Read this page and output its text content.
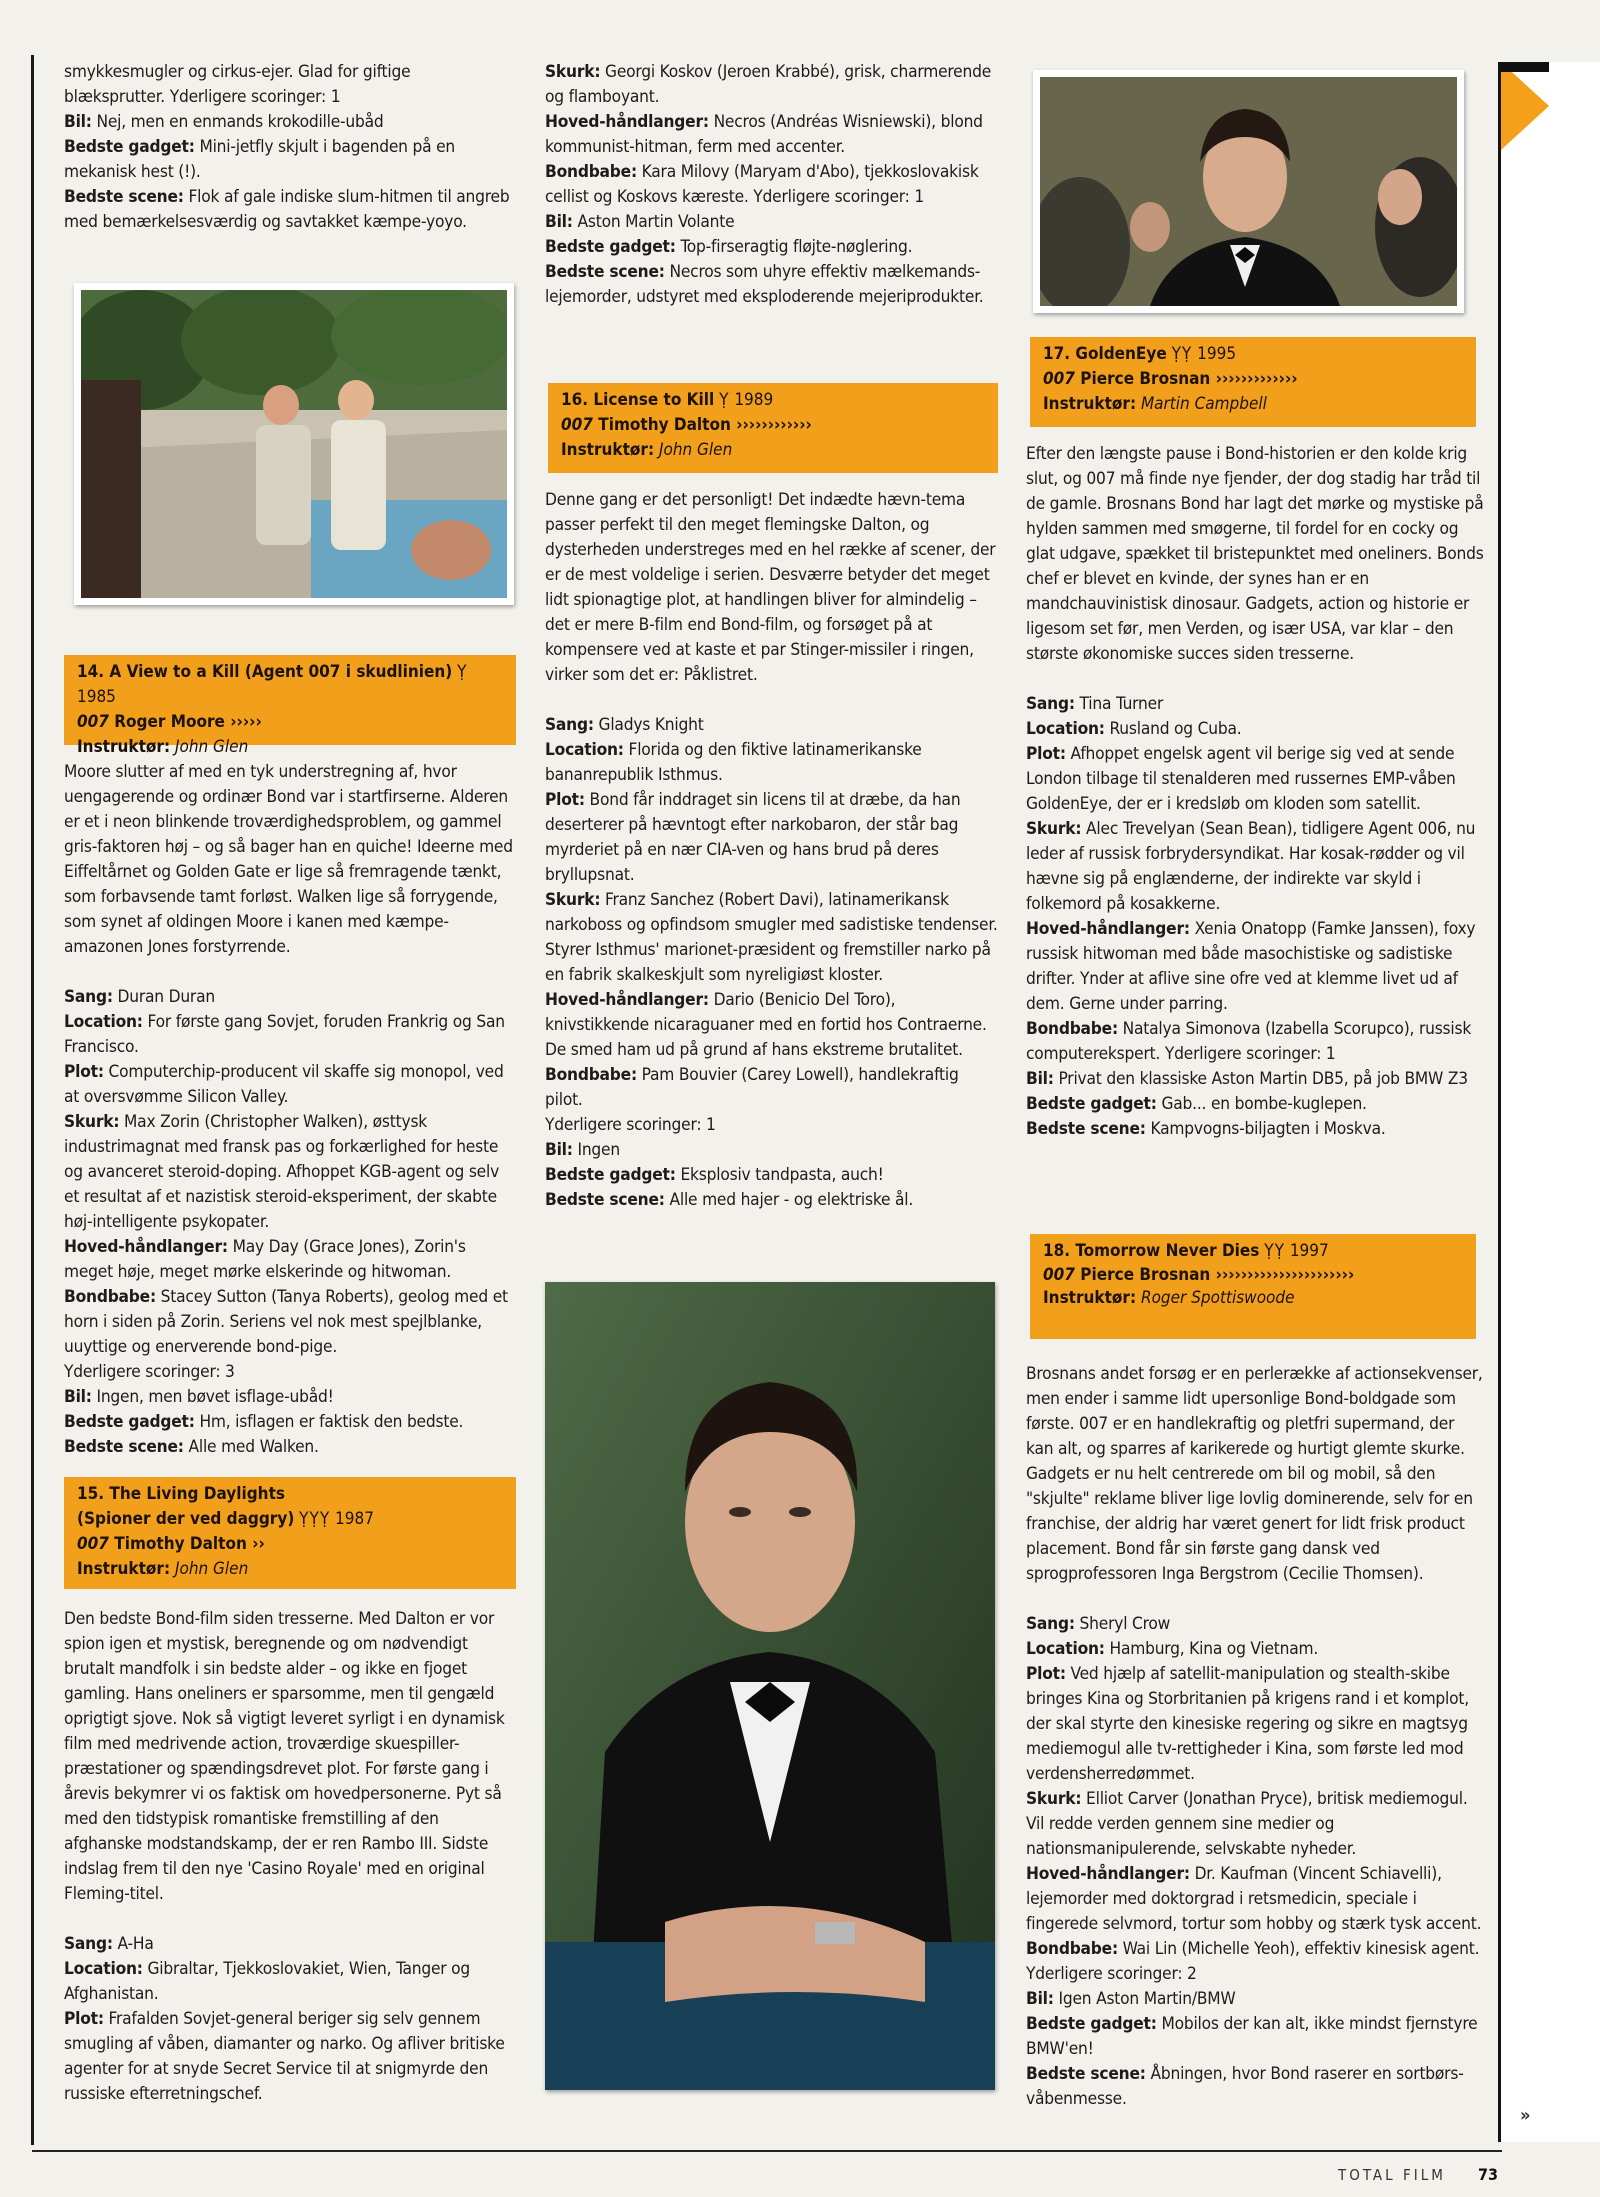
smykkesmugler og cirkus-ejer. Glad for giftige blæksprutter. Yderligere scoringer: 1

Bil: Nej, men en enmands krokodille-ubåd

Bedste gadget: Mini-jetfly skjult i bagenden på en mekanisk hest (!).

Bedste scene: Flok af gale indiske slum-hitmen til angreb med bemærkelsesværdig og savtakket kæmpe-yoyo.

14. A View to a Kill (Agent 007 i skudlinien) Ỵ 1985
007 Roger Moore ›››››
Instruktør: John Glen

Moore slutter af med en tyk understregning af, hvor uengagerende og ordinær Bond var i startfirserne. Alderen er et i neon blinkende troværdighedsproblem, og gammel gris-faktoren høj – og så bager han en quiche! Ideerne med Eiffeltårnet og Golden Gate er lige så fremragende tænkt, som forbavsende tamt forløst. Walken lige så forrygende, som synet af oldingen Moore i kanen med kæmpe-amazonen Jones forstyrrende.

Sang: Duran Duran

Location: For første gang Sovjet, foruden Frankrig og San Francisco.

Plot: Computerchip-producent vil skaffe sig monopol, ved at oversvømme Silicon Valley.

Skurk: Max Zorin (Christopher Walken), østtysk industrimagnat med fransk pas og forkærlighed for heste og avanceret steroid-doping. Afhoppet KGB-agent og selv et resultat af et nazistisk steroid-eksperiment, der skabte høj-intelligente psykopater.

Hoved-håndlanger: May Day (Grace Jones), Zorin's meget høje, meget mørke elskerinde og hitwoman.

Bondbabe: Stacey Sutton (Tanya Roberts), geolog med et horn i siden på Zorin. Seriens vel nok mest spejlblanke, uuyttige og enerverende bond-pige.

Yderligere scoringer: 3

Bil: Ingen, men bøvet isflage-ubåd!

Bedste gadget: Hm, isflagen er faktisk den bedste.

Bedste scene: Alle med Walken.

15. The Living Daylights
(Spioner der ved daggry) ỴỴỴ 1987
007 Timothy Dalton ››
Instruktør: John Glen

Den bedste Bond-film siden tresserne. Med Dalton er vor spion igen et mystisk, beregnende og om nødvendigt brutalt mandfolk i sin bedste alder – og ikke en fjoget gamling. Hans oneliners er sparsomme, men til gengæld oprigtigt sjove. Nok så vigtigt leveret syrligt i en dynamisk film med medrivende action, troværdige skuespiller-præstationer og spændingsdrevet plot. For første gang i årevis bekymrer vi os faktisk om hovedpersonerne. Pyt så med den tidstypisk romantiske fremstilling af den afghanske modstandskamp, der er ren Rambo III. Sidste indslag frem til den nye 'Casino Royale' med en original Fleming-titel.

Sang: A-Ha

Location: Gibraltar, Tjekkoslovakiet, Wien, Tanger og Afghanistan.

Plot: Frafalden Sovjet-general beriger sig selv gennem smugling af våben, diamanter og narko. Og afliver britiske agenter for at snyde Secret Service til at snigmyrde den russiske efterretningschef.

Skurk: Georgi Koskov (Jeroen Krabbé), grisk, charmerende og flamboyant.

Hoved-håndlanger: Necros (Andréas Wisniewski), blond kommunist-hitman, ferm med accenter.

Bondbabe: Kara Milovy (Maryam d'Abo), tjekkoslovakisk cellist og Koskovs kæreste. Yderligere scoringer: 1

Bil: Aston Martin Volante

Bedste gadget: Top-firseragtig fløjte-nøglering.

Bedste scene: Necros som uhyre effektiv mælkemands-lejemorder, udstyret med eksploderende mejeriprodukter.

16. License to Kill Ỵ 1989
007 Timothy Dalton ››››››››››››
Instruktør: John Glen

Denne gang er det personligt! Det indædte hævn-tema passer perfekt til den meget flemingske Dalton, og dysterheden understreges med en hel række af scener, der er de mest voldelige i serien. Desværre betyder det meget lidt spionagtige plot, at handlingen bliver for almindelig – det er mere B-film end Bond-film, og forsøget på at kompensere ved at kaste et par Stinger-missiler i ringen, virker som det er: Påklistret.

Sang: Gladys Knight

Location: Florida og den fiktive latinamerikanske bananrepublik Isthmus.

Plot: Bond får inddraget sin licens til at dræbe, da han deserterer på hævntogt efter narkobaron, der står bag myrderiet på en nær CIA-ven og hans brud på deres bryllupsnat.

Skurk: Franz Sanchez (Robert Davi), latinamerikansk narkoboss og opfindsom smugler med sadistiske tendenser. Styrer Isthmus' marionet-præsident og fremstiller narko på en fabrik skalkeskjult som nyreligiøst kloster.

Hoved-håndlanger: Dario (Benicio Del Toro), knivstikkende nicaraguaner med en fortid hos Contraerne. De smed ham ud på grund af hans ekstreme brutalitet.

Bondbabe: Pam Bouvier (Carey Lowell), handlekraftig pilot.

Yderligere scoringer: 1

Bil: Ingen

Bedste gadget: Eksplosiv tandpasta, auch!

Bedste scene: Alle med hajer - og elektriske ål.

17. GoldenEye ỴỴ 1995
007 Pierce Brosnan ›››››››››››››
Instruktør: Martin Campbell

Efter den længste pause i Bond-historien er den kolde krig slut, og 007 må finde nye fjender, der dog stadig har tråd til de gamle. Brosnans Bond har lagt det mørke og mystiske på hylden sammen med smøgerne, til fordel for en cocky og glat udgave, spækket til bristepunktet med oneliners. Bonds chef er blevet en kvinde, der synes han er en mandchauvinistisk dinosaur. Gadgets, action og historie er ligesom set før, men Verden, og især USA, var klar – den største økonomiske succes siden tresserne.

Sang: Tina Turner

Location: Rusland og Cuba.

Plot: Afhoppet engelsk agent vil berige sig ved at sende London tilbage til stenalderen med russernes EMP-våben GoldenEye, der er i kredsløb om kloden som satellit.

Skurk: Alec Trevelyan (Sean Bean), tidligere Agent 006, nu leder af russisk forbrydersyndikat. Har kosak-rødder og vil hævne sig på englænderne, der indirekte var skyld i folkemord på kosakkerne.

Hoved-håndlanger: Xenia Onatopp (Famke Janssen), foxy russisk hitwoman med både masochistiske og sadistiske drifter. Ynder at aflive sine ofre ved at klemme livet ud af dem. Gerne under parring.

Bondbabe: Natalya Simonova (Izabella Scorupco), russisk computerekspert. Yderligere scoringer: 1

Bil: Privat den klassiske Aston Martin DB5, på job BMW Z3

Bedste gadget: Gab... en bombe-kuglepen.

Bedste scene: Kampvogns-biljagten i Moskva.

18. Tomorrow Never Dies ỴỴ 1997
007 Pierce Brosnan ››››››››››››››››››››››
Instruktør: Roger Spottiswoode

Brosnans andet forsøg er en perlerække af actionsekvenser, men ender i samme lidt upersonlige Bond-boldgade som første. 007 er en handlekraftig og pletfri supermand, der kan alt, og sparres af karikerede og hurtigt glemte skurke. Gadgets er nu helt centrerede om bil og mobil, så den "skjulte" reklame bliver lige lovlig dominerende, selv for en franchise, der aldrig har været genert for lidt frisk product placement. Bond får sin første gang dansk ved sprogprofessoren Inga Bergstrom (Cecilie Thomsen).

Sang: Sheryl Crow

Location: Hamburg, Kina og Vietnam.

Plot: Ved hjælp af satellit-manipulation og stealth-skibe bringes Kina og Storbritanien på krigens rand i et komplot, der skal styrte den kinesiske regering og sikre en magtsyg mediemogul alle tv-rettigheder i Kina, som første led mod verdensherredømmet.

Skurk: Elliot Carver (Jonathan Pryce), britisk mediemogul. Vil redde verden gennem sine medier og nationsmanipulerende, selvskabte nyheder.

Hoved-håndlanger: Dr. Kaufman (Vincent Schiavelli), lejemorder med doktorgrad i retsmedicin, speciale i fingerede selvmord, tortur som hobby og stærk tysk accent.

Bondbabe: Wai Lin (Michelle Yeoh), effektiv kinesisk agent. Yderligere scoringer: 2

Bil: Igen Aston Martin/BMW

Bedste gadget: Mobilos der kan alt, ikke mindst fjernstyre BMW'en!

Bedste scene: Åbningen, hvor Bond raserer en sortbørs-våbenmesse.

»
TOTAL FILM 73
